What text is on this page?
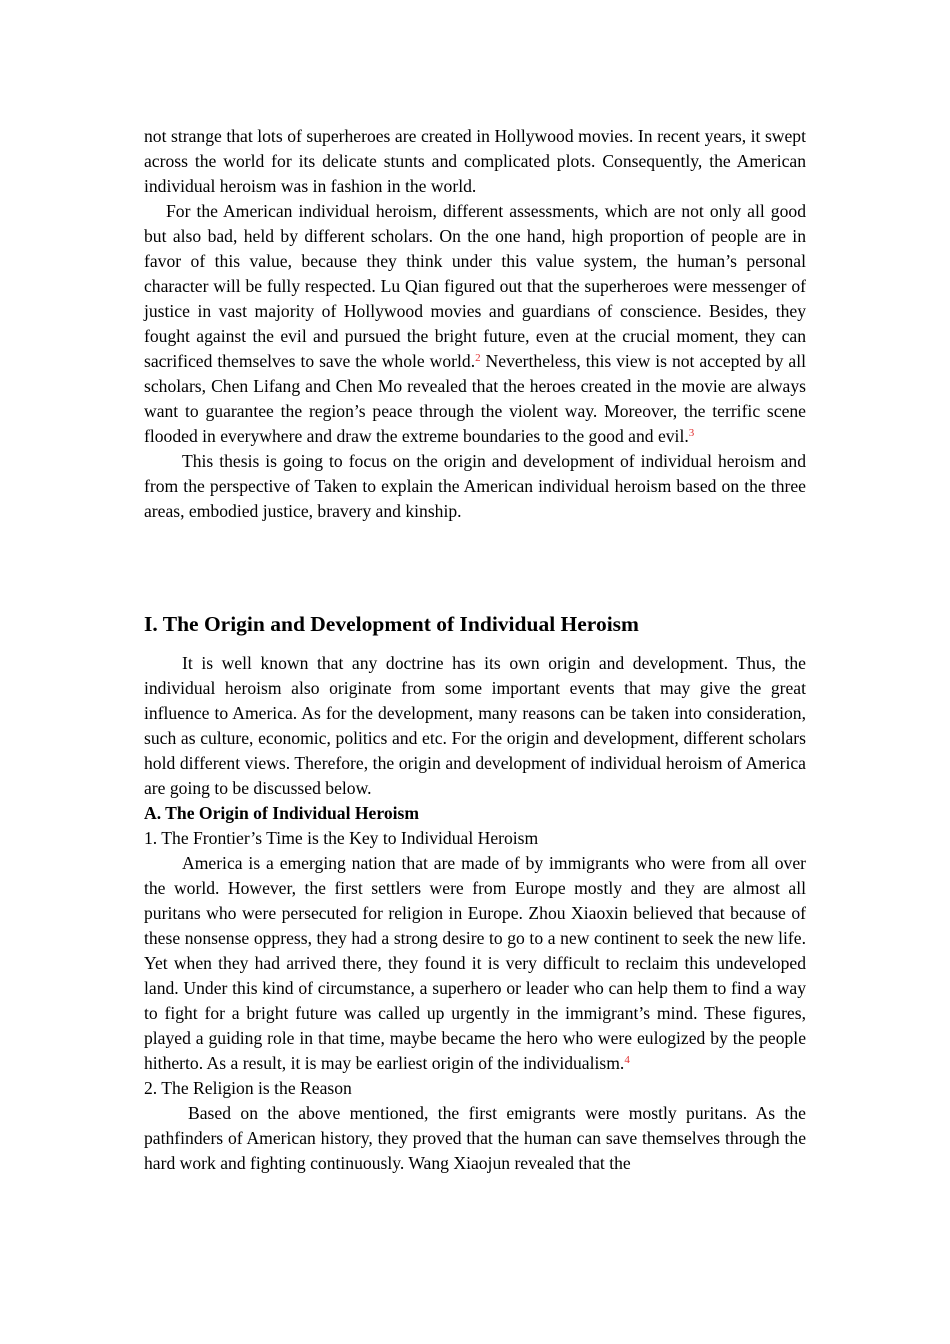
not strange that lots of superheroes are created in Hollywood movies. In recent years, it swept across the world for its delicate stunts and complicated plots. Consequently, the American individual heroism was in fashion in the world.

For the American individual heroism, different assessments, which are not only all good but also bad, held by different scholars. On the one hand, high proportion of people are in favor of this value, because they think under this value system, the human’s personal character will be fully respected. Lu Qian figured out that the superheroes were messenger of justice in vast majority of Hollywood movies and guardians of conscience. Besides, they fought against the evil and pursued the bright future, even at the crucial moment, they can sacrificed themselves to save the whole world.$^2$ Nevertheless, this view is not accepted by all scholars, Chen Lifang and Chen Mo revealed that the heroes created in the movie are always want to guarantee the region’s peace through the violent way. Moreover, the terrific scene flooded in everywhere and draw the extreme boundaries to the good and evil.$^3$

This thesis is going to focus on the origin and development of individual heroism and from the perspective of Taken to explain the American individual heroism based on the three areas, embodied justice, bravery and kinship.

I. The Origin and Development of Individual Heroism

It is well known that any doctrine has its own origin and development. Thus, the individual heroism also originate from some important events that may give the great influence to America. As for the development, many reasons can be taken into consideration, such as culture, economic, politics and etc. For the origin and development, different scholars hold different views. Therefore, the origin and development of individual heroism of America are going to be discussed below.

A. The Origin of Individual Heroism
1. The Frontier’s Time is the Key to Individual Heroism

America is a emerging nation that are made of by immigrants who were from all over the world. However, the first settlers were from Europe mostly and they are almost all puritans who were persecuted for religion in Europe. Zhou Xiaoxin believed that because of these nonsense oppress, they had a strong desire to go to a new continent to seek the new life. Yet when they had arrived there, they found it is very difficult to reclaim this undeveloped land. Under this kind of circumstance, a superhero or leader who can help them to find a way to fight for a bright future was called up urgently in the immigrant’s mind. These figures, played a guiding role in that time, maybe became the hero who were eulogized by the people hitherto. As a result, it is may be earliest origin of the individualism.$^4$

2. The Religion is the Reason

Based on the above mentioned, the first emigrants were mostly puritans. As the pathfinders of American history, they proved that the human can save themselves through the hard work and fighting continuously. Wang Xiaojun revealed that the
